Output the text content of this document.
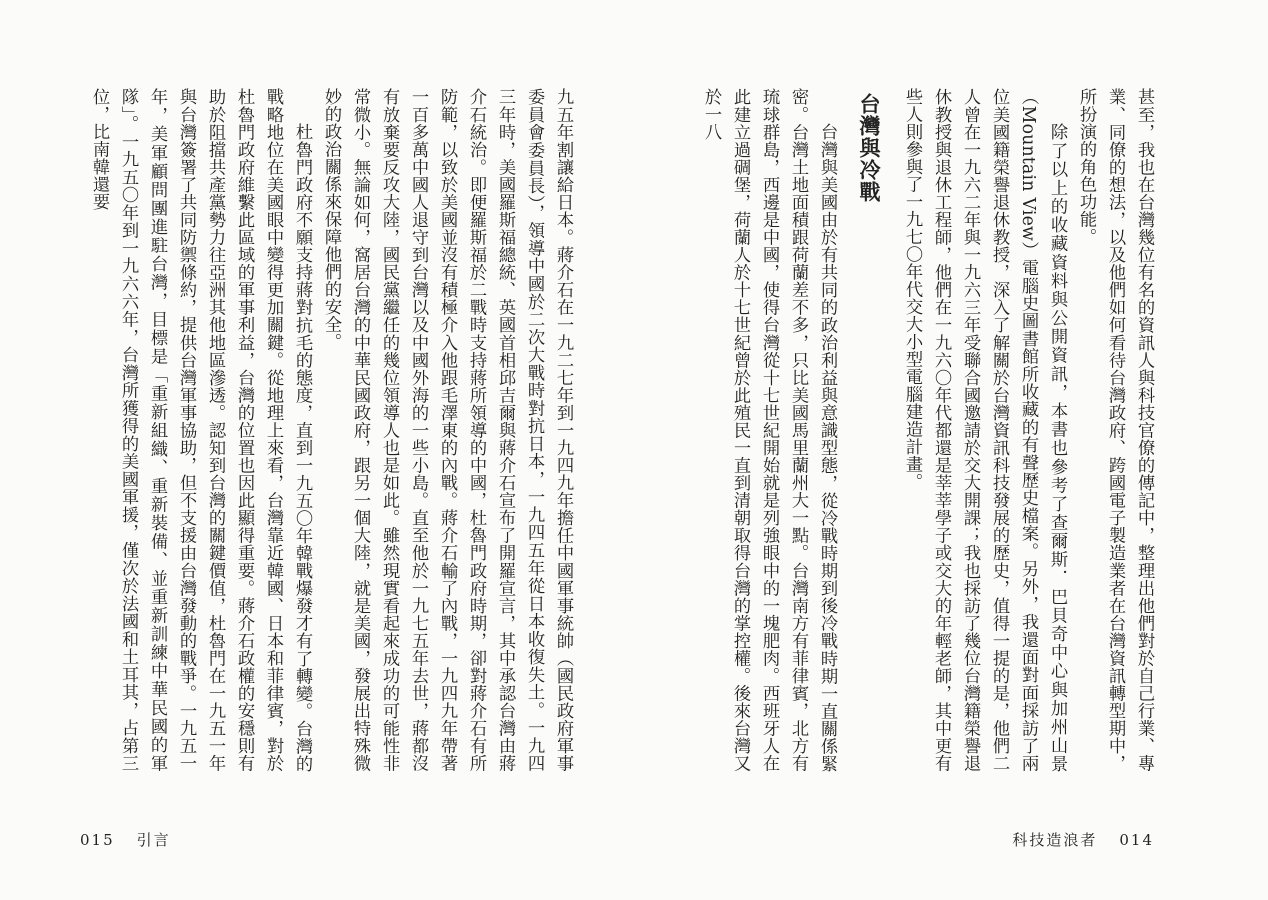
甚至，我也在台灣幾位有名的資訊人與科技官僚的傳記中，整理出他們對於自己行業、專業、同僚的想法，以及他們如何看待台灣政府、跨國電子製造業者在台灣資訊轉型期中，所扮演的角色功能。

除了以上的收藏資料與公開資訊，本書也參考了查爾斯．巴貝奇中心與加州山景（Mountain View）電腦史圖書館所收藏的有聲歷史檔案。另外，我還面對面採訪了兩位美國籍榮譽退休教授，深入了解關於台灣資訊科技發展的歷史，值得一提的是，他們二人曾在一九六二年與一九六三年受聯合國邀請於交大開課；我也採訪了幾位台灣籍榮譽退休教授與退休工程師，他們在一九六〇年代都還是莘莘學子或交大的年輕老師，其中更有些人則參與了一九七〇年代交大小型電腦建造計畫。

台灣與冷戰

台灣與美國由於有共同的政治利益與意識型態，從冷戰時期到後冷戰時期一直關係緊密。台灣土地面積跟荷蘭差不多，只比美國馬里蘭州大一點。台灣南方有菲律賓，北方有琉球群島，西邊是中國，使得台灣從十七世紀開始就是列強眼中的一塊肥肉。西班牙人在此建立過碉堡，荷蘭人於十七世紀曾於此殖民一直到清朝取得台灣的掌控權。後來台灣又於一八

九五年割讓給日本。蔣介石在一九二七年到一九四九年擔任中國軍事統帥（國民政府軍事委員會委員長），領導中國於二次大戰時對抗日本，一九四五年從日本收復失土。一九四三年時，美國羅斯福總統、英國首相邱吉爾與蔣介石宣布了開羅宣言，其中承認台灣由蔣介石統治。即便羅斯福於二戰時支持蔣所領導的中國，杜魯門政府時期，卻對蔣介石有所防範，以致於美國並沒有積極介入他跟毛澤東的內戰。蔣介石輸了內戰，一九四九年帶著一百多萬中國人退守到台灣以及中國外海的一些小島。直至他於一九七五年去世，蔣都沒有放棄要反攻大陸，國民黨繼任的幾位領導人也是如此。雖然現實看起來成功的可能性非常微小。無論如何，窩居台灣的中華民國政府，跟另一個大陸，就是美國，發展出特殊微妙的政治關係來保障他們的安全。

杜魯門政府不願支持蔣對抗毛的態度，直到一九五〇年韓戰爆發才有了轉變。台灣的戰略地位在美國眼中變得更加關鍵。從地理上來看，台灣靠近韓國、日本和菲律賓，對於杜魯門政府維繫此區域的軍事利益，台灣的位置也因此顯得重要。蔣介石政權的安穩則有助於阻擋共產黨勢力往亞洲其他地區滲透。認知到台灣的關鍵價值，杜魯門在一九五一年與台灣簽署了共同防禦條約，提供台灣軍事協助，但不支援由台灣發動的戰爭。一九五一年，美軍顧問團進駐台灣，目標是「重新組織、重新裝備、並重新訓練中華民國的軍隊」。一九五〇年到一九六六年，台灣所獲得的美國軍援，僅次於法國和土耳其，占第三位，比南韓還要

015 引言	科技造浪者 014
